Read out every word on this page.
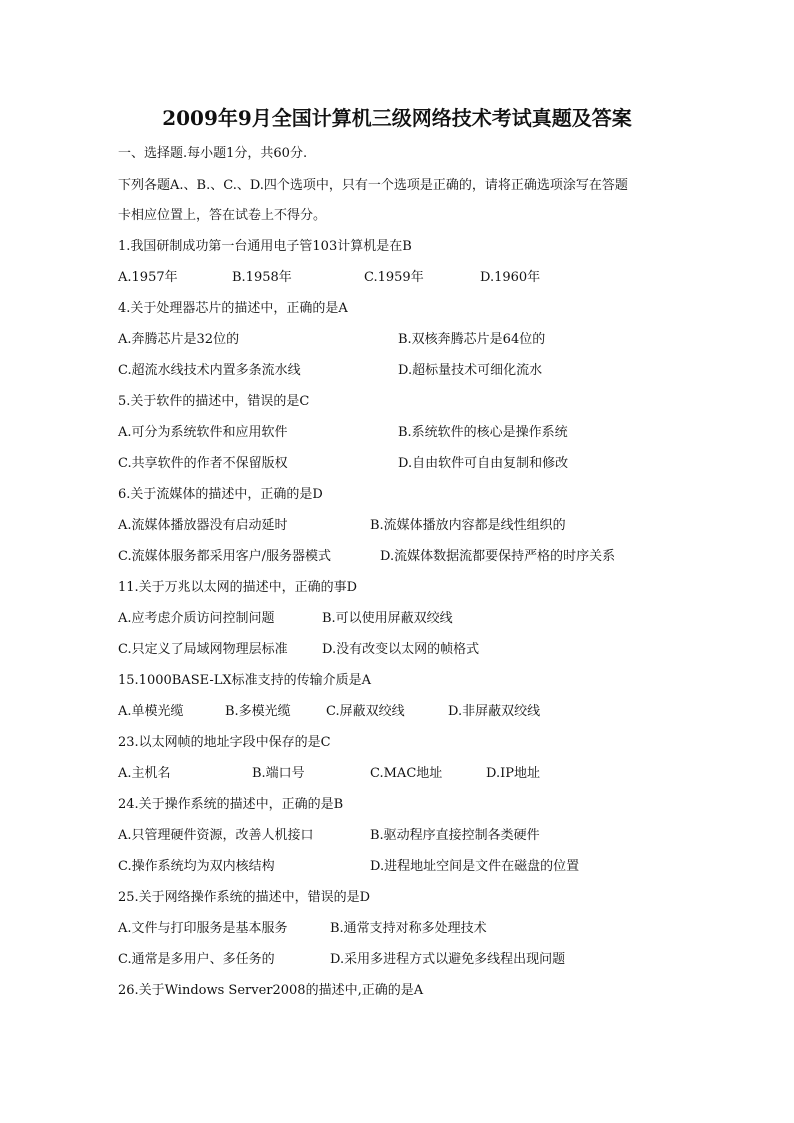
2009年9月全国计算机三级网络技术考试真题及答案
一、选择题.每小题1分，共60分.
下列各题A.、B.、C.、D.四个选项中，只有一个选项是正确的，请将正确选项涂写在答题
卡相应位置上，答在试卷上不得分。
1.我国研制成功第一台通用电子管103计算机是在B
A.1957年	B.1958年	C.1959年	D.1960年
4.关于处理器芯片的描述中，正确的是A
A.奔腾芯片是32位的	B.双核奔腾芯片是64位的
C.超流水线技术内置多条流水线	D.超标量技术可细化流水
5.关于软件的描述中，错误的是C
A.可分为系统软件和应用软件	B.系统软件的核心是操作系统
C.共享软件的作者不保留版权	D.自由软件可自由复制和修改
6.关于流媒体的描述中，正确的是D
A.流媒体播放器没有启动延时	B.流媒体播放内容都是线性组织的
C.流媒体服务都采用客户/服务器模式	D.流媒体数据流都要保持严格的时序关系
11.关于万兆以太网的描述中，正确的事D
A.应考虑介质访问控制问题	B.可以使用屏蔽双绞线
C.只定义了局域网物理层标准	D.没有改变以太网的帧格式
15.1000BASE-LX标准支持的传输介质是A
A.单模光缆	B.多模光缆	C.屏蔽双绞线	D.非屏蔽双绞线
23.以太网帧的地址字段中保存的是C
A.主机名	B.端口号	C.MAC地址	D.IP地址
24.关于操作系统的描述中，正确的是B
A.只管理硬件资源，改善人机接口	B.驱动程序直接控制各类硬件
C.操作系统均为双内核结构	D.进程地址空间是文件在磁盘的位置
25.关于网络操作系统的描述中，错误的是D
A.文件与打印服务是基本服务	B.通常支持对称多处理技术
C.通常是多用户、多任务的	D.采用多进程方式以避免多线程出现问题
26.关于Windows Server2008的描述中,正确的是A
